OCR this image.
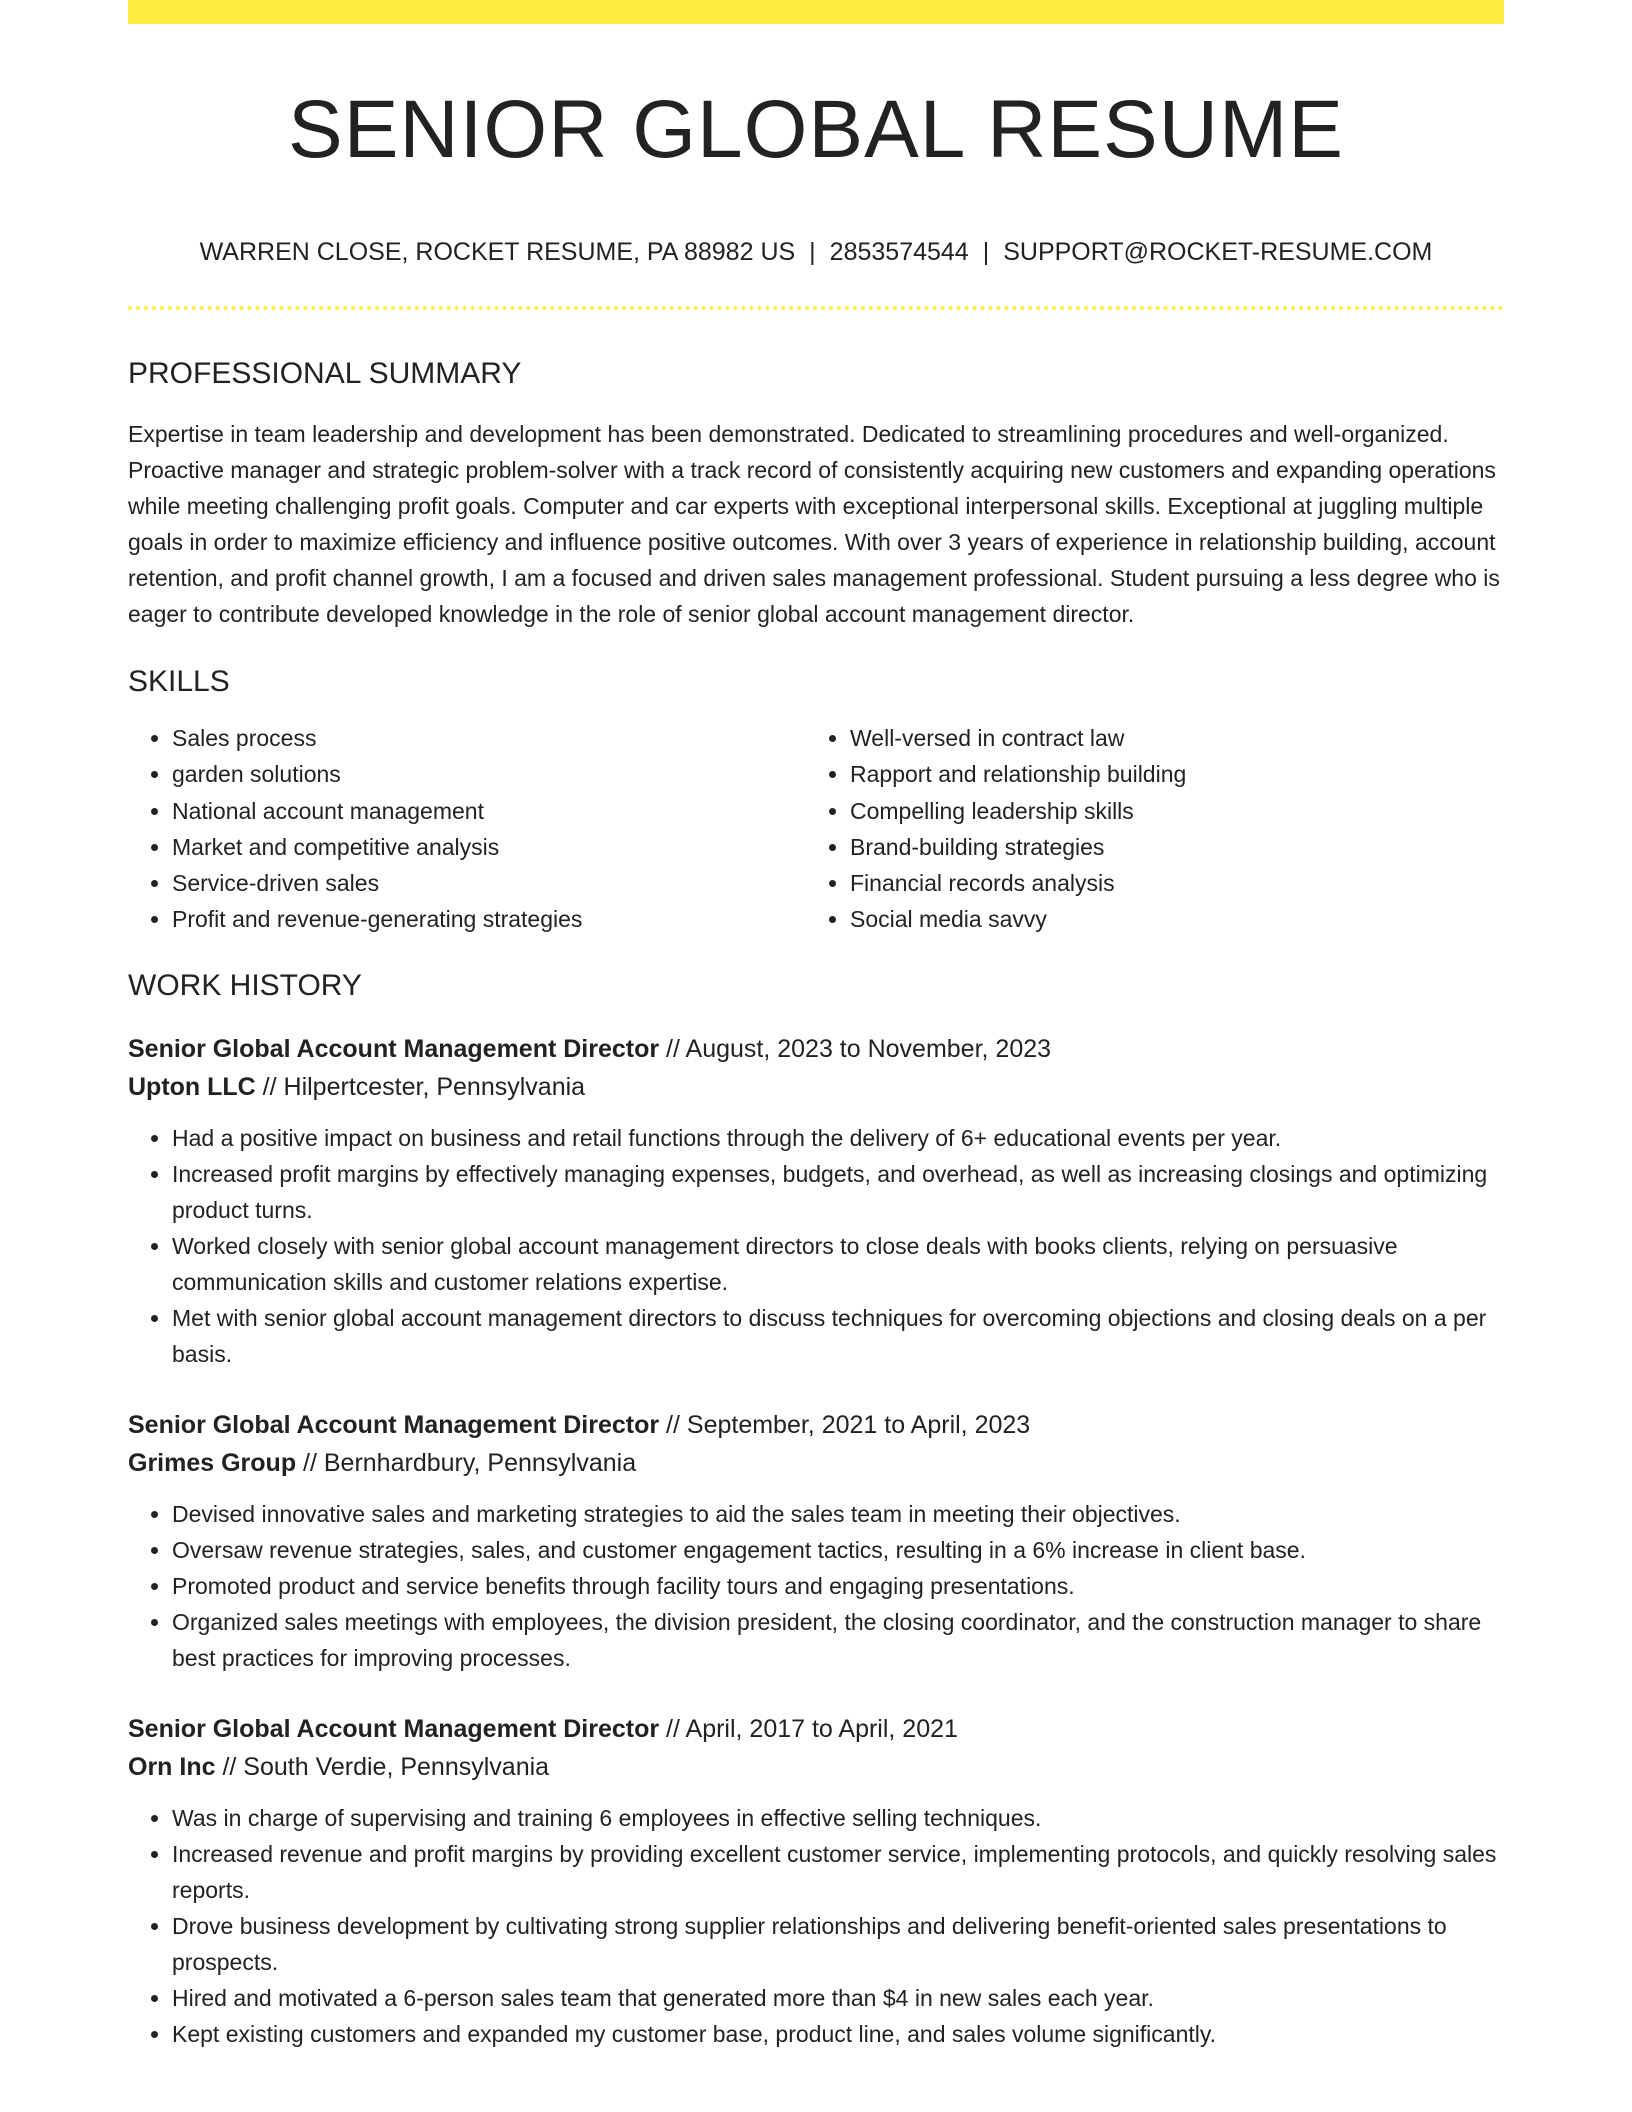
SENIOR GLOBAL RESUME
WARREN CLOSE, ROCKET RESUME, PA 88982 US | 2853574544 | SUPPORT@ROCKET-RESUME.COM
PROFESSIONAL SUMMARY
Expertise in team leadership and development has been demonstrated. Dedicated to streamlining procedures and well-organized. Proactive manager and strategic problem-solver with a track record of consistently acquiring new customers and expanding operations while meeting challenging profit goals. Computer and car experts with exceptional interpersonal skills. Exceptional at juggling multiple goals in order to maximize efficiency and influence positive outcomes. With over 3 years of experience in relationship building, account retention, and profit channel growth, I am a focused and driven sales management professional. Student pursuing a less degree who is eager to contribute developed knowledge in the role of senior global account management director.
SKILLS
• Sales process
• garden solutions
• National account management
• Market and competitive analysis
• Service-driven sales
• Profit and revenue-generating strategies
• Well-versed in contract law
• Rapport and relationship building
• Compelling leadership skills
• Brand-building strategies
• Financial records analysis
• Social media savvy
WORK HISTORY
Senior Global Account Management Director // August, 2023 to November, 2023
Upton LLC // Hilpertcester, Pennsylvania
• Had a positive impact on business and retail functions through the delivery of 6+ educational events per year.
• Increased profit margins by effectively managing expenses, budgets, and overhead, as well as increasing closings and optimizing product turns.
• Worked closely with senior global account management directors to close deals with books clients, relying on persuasive communication skills and customer relations expertise.
• Met with senior global account management directors to discuss techniques for overcoming objections and closing deals on a per basis.
Senior Global Account Management Director // September, 2021 to April, 2023
Grimes Group // Bernhardbury, Pennsylvania
• Devised innovative sales and marketing strategies to aid the sales team in meeting their objectives.
• Oversaw revenue strategies, sales, and customer engagement tactics, resulting in a 6% increase in client base.
• Promoted product and service benefits through facility tours and engaging presentations.
• Organized sales meetings with employees, the division president, the closing coordinator, and the construction manager to share best practices for improving processes.
Senior Global Account Management Director // April, 2017 to April, 2021
Orn Inc // South Verdie, Pennsylvania
• Was in charge of supervising and training 6 employees in effective selling techniques.
• Increased revenue and profit margins by providing excellent customer service, implementing protocols, and quickly resolving sales reports.
• Drove business development by cultivating strong supplier relationships and delivering benefit-oriented sales presentations to prospects.
• Hired and motivated a 6-person sales team that generated more than $4 in new sales each year.
• Kept existing customers and expanded my customer base, product line, and sales volume significantly.
